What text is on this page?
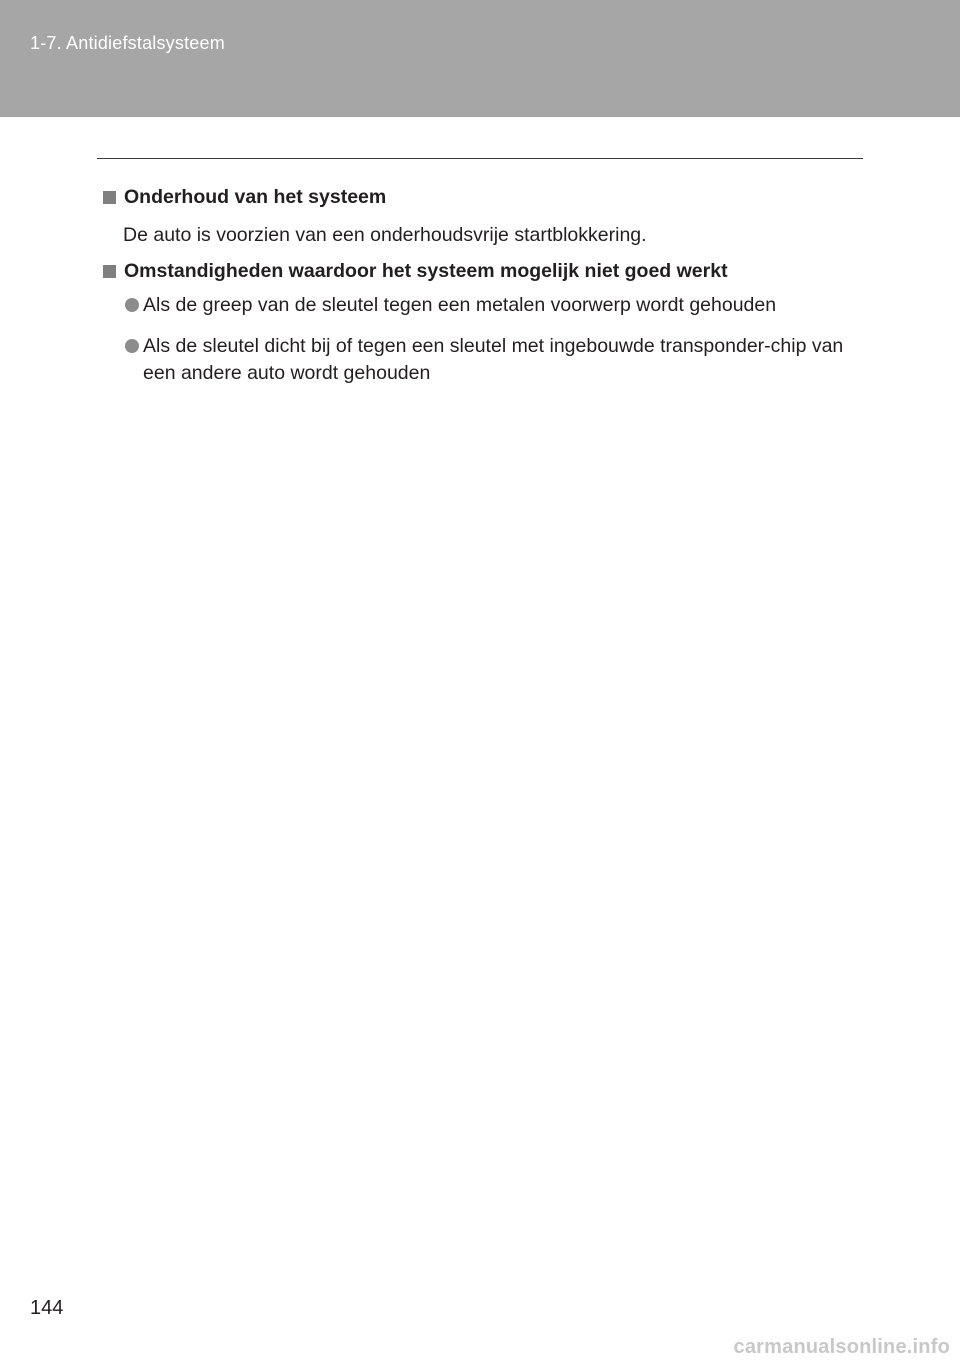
1-7. Antidiefstalsysteem
Onderhoud van het systeem
De auto is voorzien van een onderhoudsvrije startblokkering.
Omstandigheden waardoor het systeem mogelijk niet goed werkt
Als de greep van de sleutel tegen een metalen voorwerp wordt gehouden
Als de sleutel dicht bij of tegen een sleutel met ingebouwde transponder-chip van een andere auto wordt gehouden
144
carmanualsonline.info
